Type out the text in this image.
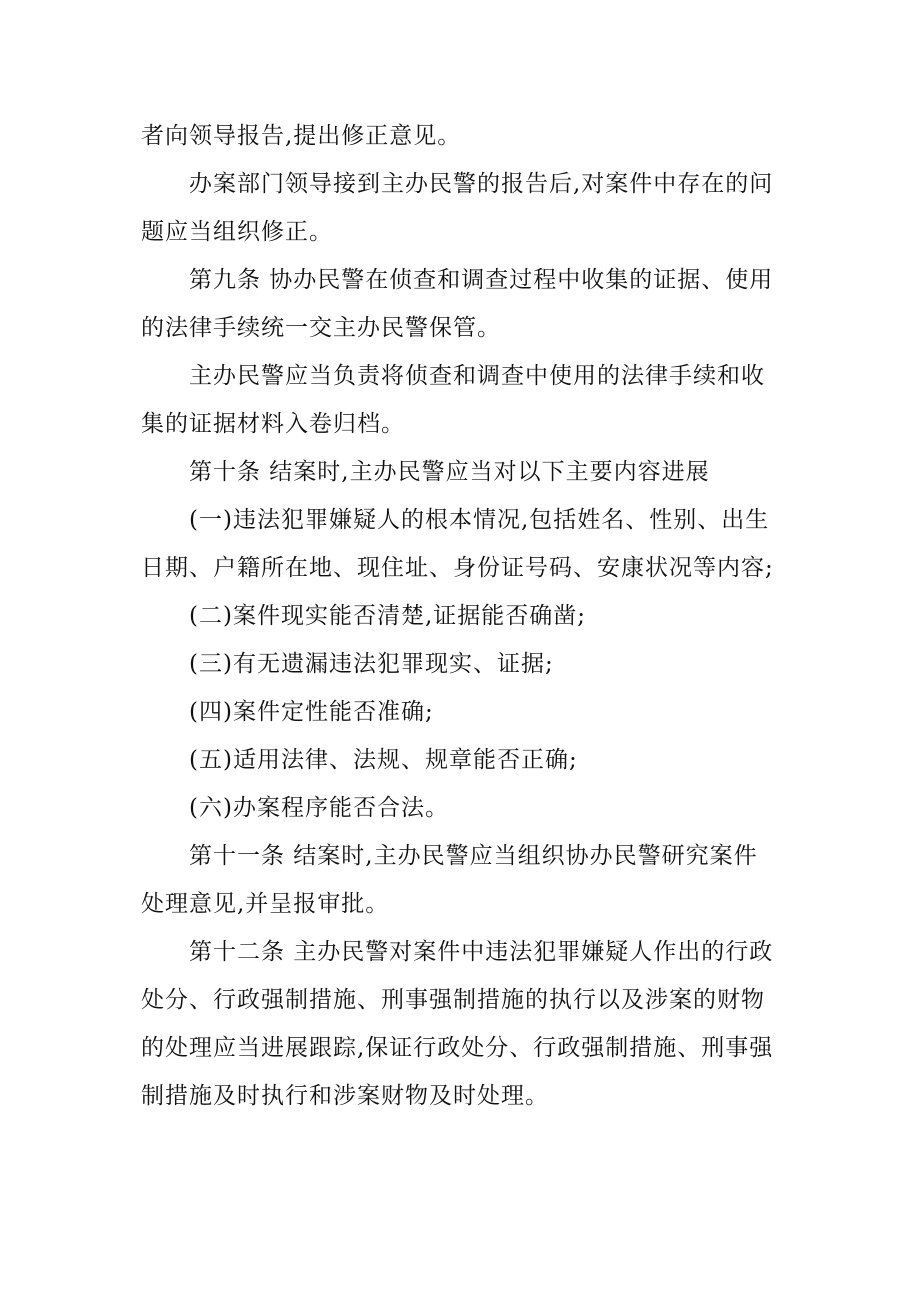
者向领导报告,提出修正意见。

办案部门领导接到主办民警的报告后,对案件中存在的问题应当组织修正。

第九条 协办民警在侦查和调查过程中收集的证据、使用的法律手续统一交主办民警保管。

主办民警应当负责将侦查和调查中使用的法律手续和收集的证据材料入卷归档。

第十条 结案时,主办民警应当对以下主要内容进展

(一)违法犯罪嫌疑人的根本情况,包括姓名、性别、出生日期、户籍所在地、现住址、身份证号码、安康状况等内容;

(二)案件现实能否清楚,证据能否确凿;

(三)有无遗漏违法犯罪现实、证据;

(四)案件定性能否准确;

(五)适用法律、法规、规章能否正确;

(六)办案程序能否合法。

第十一条 结案时,主办民警应当组织协办民警研究案件处理意见,并呈报审批。

第十二条 主办民警对案件中违法犯罪嫌疑人作出的行政处分、行政强制措施、刑事强制措施的执行以及涉案的财物的处理应当进展跟踪,保证行政处分、行政强制措施、刑事强制措施及时执行和涉案财物及时处理。
